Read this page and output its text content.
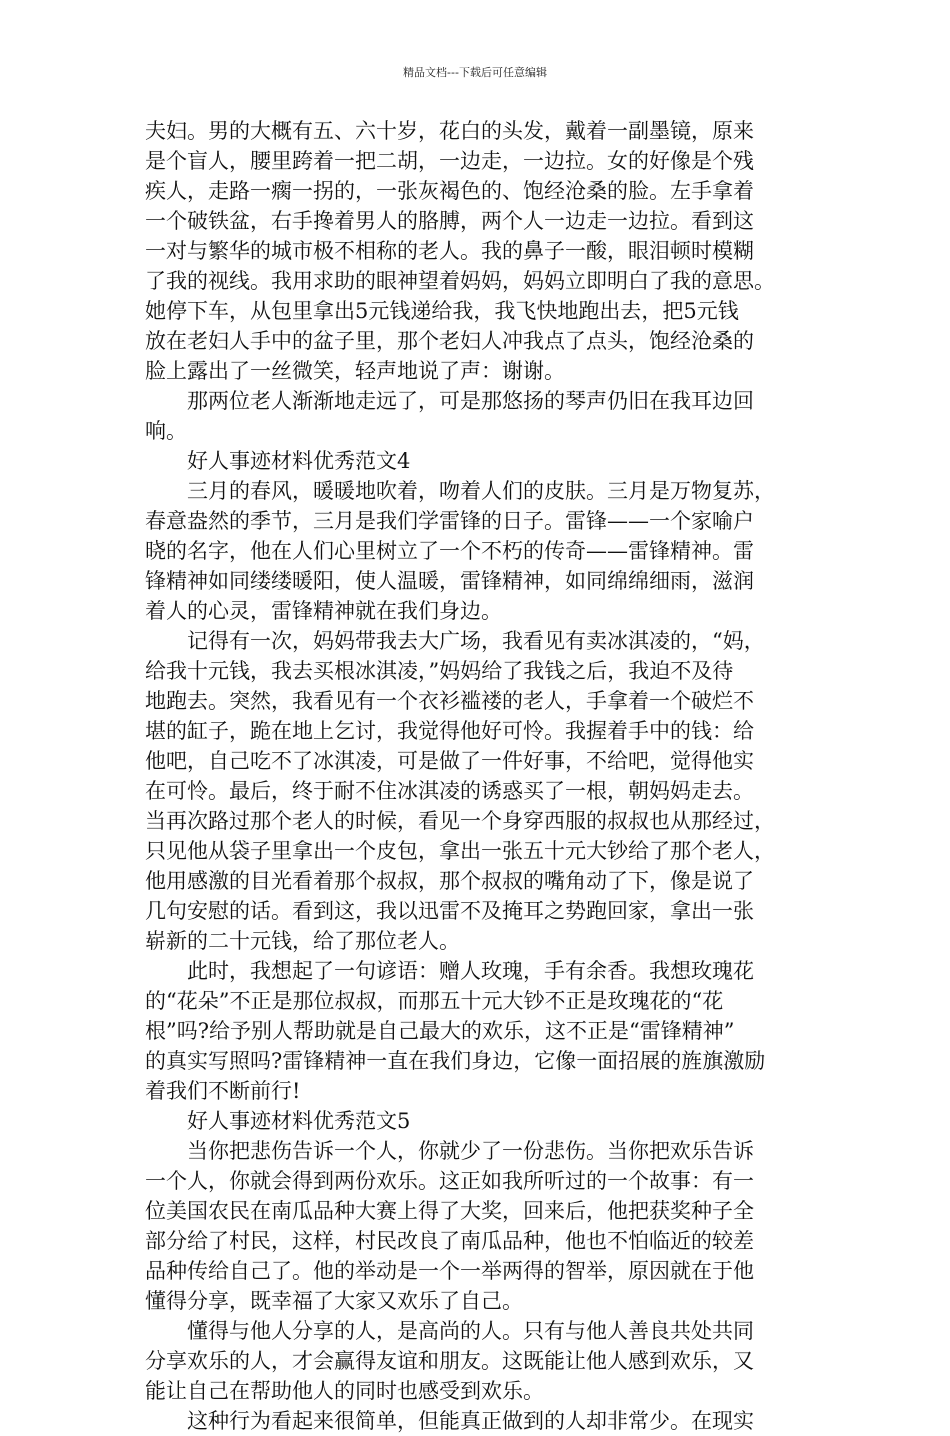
精品文档---下载后可任意编辑
夫妇。男的大概有五、六十岁，花白的头发，戴着一副墨镜，原来
是个盲人，腰里跨着一把二胡，一边走，一边拉。女的好像是个残
疾人，走路一瘸一拐的，一张灰褐色的、饱经沧桑的脸。左手拿着
一个破铁盆，右手搀着男人的胳膊，两个人一边走一边拉。看到这
一对与繁华的城市极不相称的老人。我的鼻子一酸，眼泪顿时模糊
了我的视线。我用求助的眼神望着妈妈，妈妈立即明白了我的意思。
她停下车，从包里拿出5元钱递给我，我飞快地跑出去，把5元钱
放在老妇人手中的盆子里，那个老妇人冲我点了点头，饱经沧桑的
脸上露出了一丝微笑，轻声地说了声：谢谢。
　　那两位老人渐渐地走远了，可是那悠扬的琴声仍旧在我耳边回
响。
　　好人事迹材料优秀范文4
　　三月的春风，暖暖地吹着，吻着人们的皮肤。三月是万物复苏，
春意盎然的季节，三月是我们学雷锋的日子。雷锋——一个家喻户
晓的名字，他在人们心里树立了一个不朽的传奇——雷锋精神。雷
锋精神如同缕缕暖阳，使人温暖，雷锋精神，如同绵绵细雨，滋润
着人的心灵，雷锋精神就在我们身边。
　　记得有一次，妈妈带我去大广场，我看见有卖冰淇凌的，“妈，
给我十元钱，我去买根冰淇凌，”妈妈给了我钱之后，我迫不及待
地跑去。突然，我看见有一个衣衫褴褛的老人，手拿着一个破烂不
堪的缸子，跪在地上乞讨，我觉得他好可怜。我握着手中的钱：给
他吧，自己吃不了冰淇凌，可是做了一件好事，不给吧，觉得他实
在可怜。最后，终于耐不住冰淇凌的诱惑买了一根，朝妈妈走去。
当再次路过那个老人的时候，看见一个身穿西服的叔叔也从那经过，
只见他从袋子里拿出一个皮包，拿出一张五十元大钞给了那个老人，
他用感激的目光看着那个叔叔，那个叔叔的嘴角动了下，像是说了
几句安慰的话。看到这，我以迅雷不及掩耳之势跑回家，拿出一张
崭新的二十元钱，给了那位老人。
　　此时，我想起了一句谚语：赠人玫瑰，手有余香。我想玫瑰花
的“花朵”不正是那位叔叔，而那五十元大钞不正是玫瑰花的“花
根”吗?给予别人帮助就是自己最大的欢乐，这不正是“雷锋精神”
的真实写照吗?雷锋精神一直在我们身边，它像一面招展的旌旗激励
着我们不断前行!
　　好人事迹材料优秀范文5
　　当你把悲伤告诉一个人，你就少了一份悲伤。当你把欢乐告诉
一个人，你就会得到两份欢乐。这正如我所听过的一个故事：有一
位美国农民在南瓜品种大赛上得了大奖，回来后，他把获奖种子全
部分给了村民，这样，村民改良了南瓜品种，他也不怕临近的较差
品种传给自己了。他的举动是一个一举两得的智举，原因就在于他
懂得分享，既幸福了大家又欢乐了自己。
　　懂得与他人分享的人，是高尚的人。只有与他人善良共处共同
分享欢乐的人，才会赢得友谊和朋友。这既能让他人感到欢乐，又
能让自己在帮助他人的同时也感受到欢乐。
　　这种行为看起来很简单，但能真正做到的人却非常少。在现实
